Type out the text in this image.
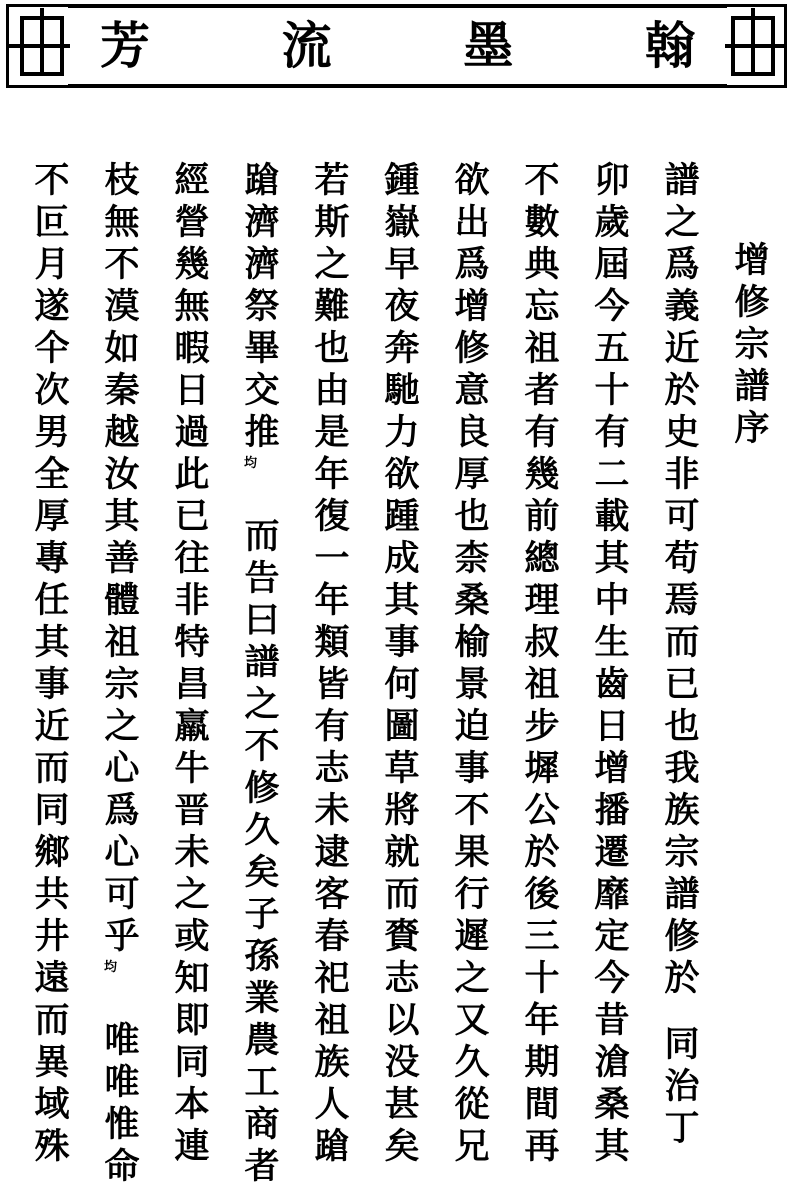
芳	流	墨	翰
增
修
宗
譜
序
譜
之
爲
義
近
於
史
非
可
苟
焉
而
已
也
我
族
宗
譜
修
於
同
治
丁
卯
歲
屆
今
五
十
有
二
載
其
中
生
齒
日
增
播
遷
靡
定
今
昔
滄
桑
其
不
數
典
忘
祖
者
有
幾
前
總
理
叔
祖
步
墀
公
於
後
三
十
年
期
間
再
欲
出
爲
增
修
意
良
厚
也
柰
桑
榆
景
迫
事
不
果
行
遲
之
又
久
從
兄
鍾
嶽
早
夜
奔
馳
力
欲
踵
成
其
事
何
圖
草
將
就
而
賚
志
以
没
甚
矣
若
斯
之
難
也
由
是
年
復
一
年
類
皆
有
志
未
逮
客
春
祀
祖
族
人
蹌
蹌
濟
濟
祭
畢
交
推
均
而
告
曰
譜
之
不
修
久
矣
子
孫
業
農
工
商
者
經
營
幾
無
暇
日
過
此
已
往
非
特
昌
羸
牛
晋
未
之
或
知
即
同
本
連
枝
無
不
漠
如
秦
越
汝
其
善
體
祖
宗
之
心
爲
心
可
乎
均
唯
唯
惟
命
不
叵
月
遂
仐
次
男
全
厚
專
任
其
事
近
而
同
鄉
共
井
遠
而
異
域
殊
